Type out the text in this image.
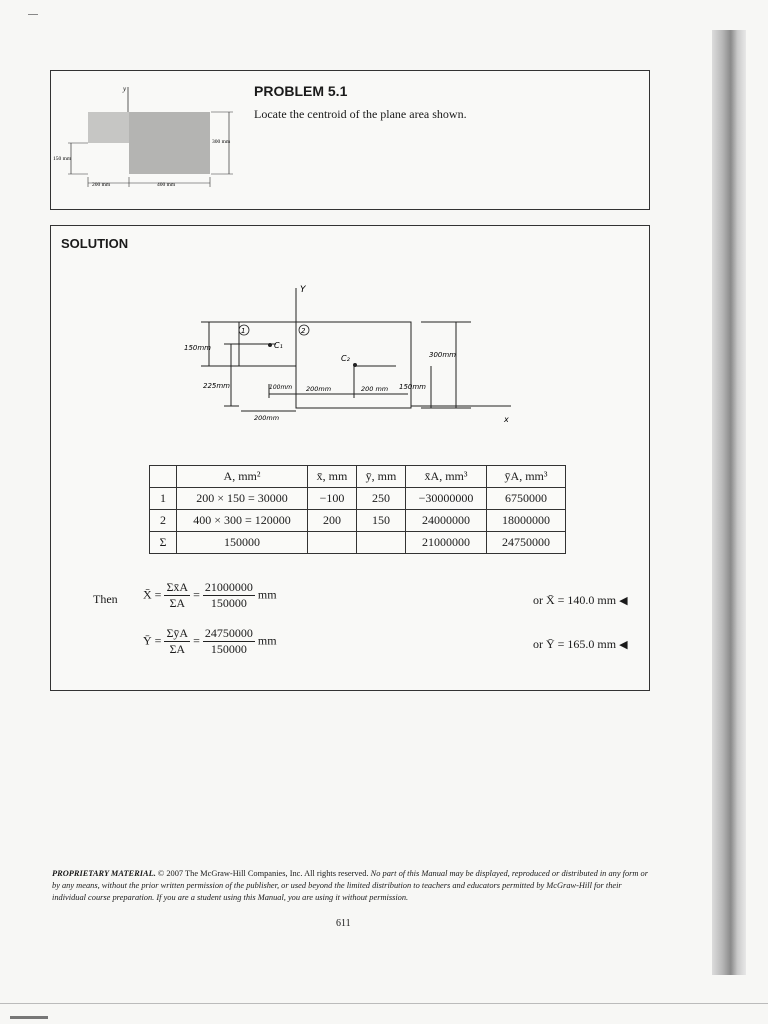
y
150 mm
300 mm
200 mm	400 mm
PROBLEM 5.1
Locate the centroid of the plane area shown.
SOLUTION
1	2
Y
x
C₁
C₂
150mm
225mm
300mm
150mm
100mm 200mm	200 mm
200mm
	A, mm²	x̄, mm	ȳ, mm	x̄A, mm³	ȳA, mm³
1	200 × 150 = 30000	−100	250	−30000000	6750000
2	400 × 300 = 120000	200	150	24000000	18000000
Σ	150000			21000000	24750000
Then X̄ = $\frac{\Sigma x̄A}{\Sigma A} = \frac{21000000}{150000}$ mm	or X̄ = 140.0 mm ◀
Ȳ = $\frac{\Sigma ȳA}{\Sigma A} = \frac{24750000}{150000}$ mm	or Ȳ = 165.0 mm ◀
PROPRIETARY MATERIAL. © 2007 The McGraw-Hill Companies, Inc. All rights reserved. No part of this Manual may be displayed, reproduced or distributed in any form or by any means, without the prior written permission of the publisher, or used beyond the limited distribution to teachers and educators permitted by McGraw-Hill for their individual course preparation. If you are a student using this Manual, you are using it without permission.
611
